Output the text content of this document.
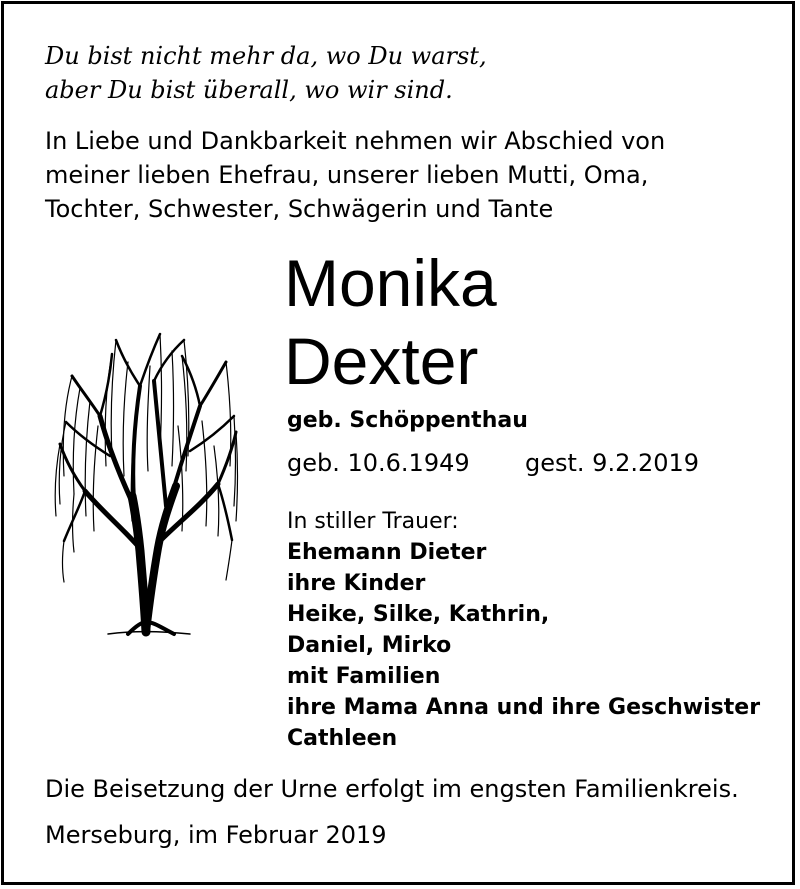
Du bist nicht mehr da, wo Du warst,
aber Du bist überall, wo wir sind.
In Liebe und Dankbarkeit nehmen wir Abschied von
meiner lieben Ehefrau, unserer lieben Mutti, Oma,
Tochter, Schwester, Schwägerin und Tante
Monika
Dexter
geb. Schöppenthau
geb. 10.6.1949 gest. 9.2.2019
In stiller Trauer:
Ehemann Dieter
ihre Kinder
Heike, Silke, Kathrin,
Daniel, Mirko
mit Familien
ihre Mama Anna und ihre Geschwister
Cathleen
Die Beisetzung der Urne erfolgt im engsten Familienkreis.
Merseburg, im Februar 2019
